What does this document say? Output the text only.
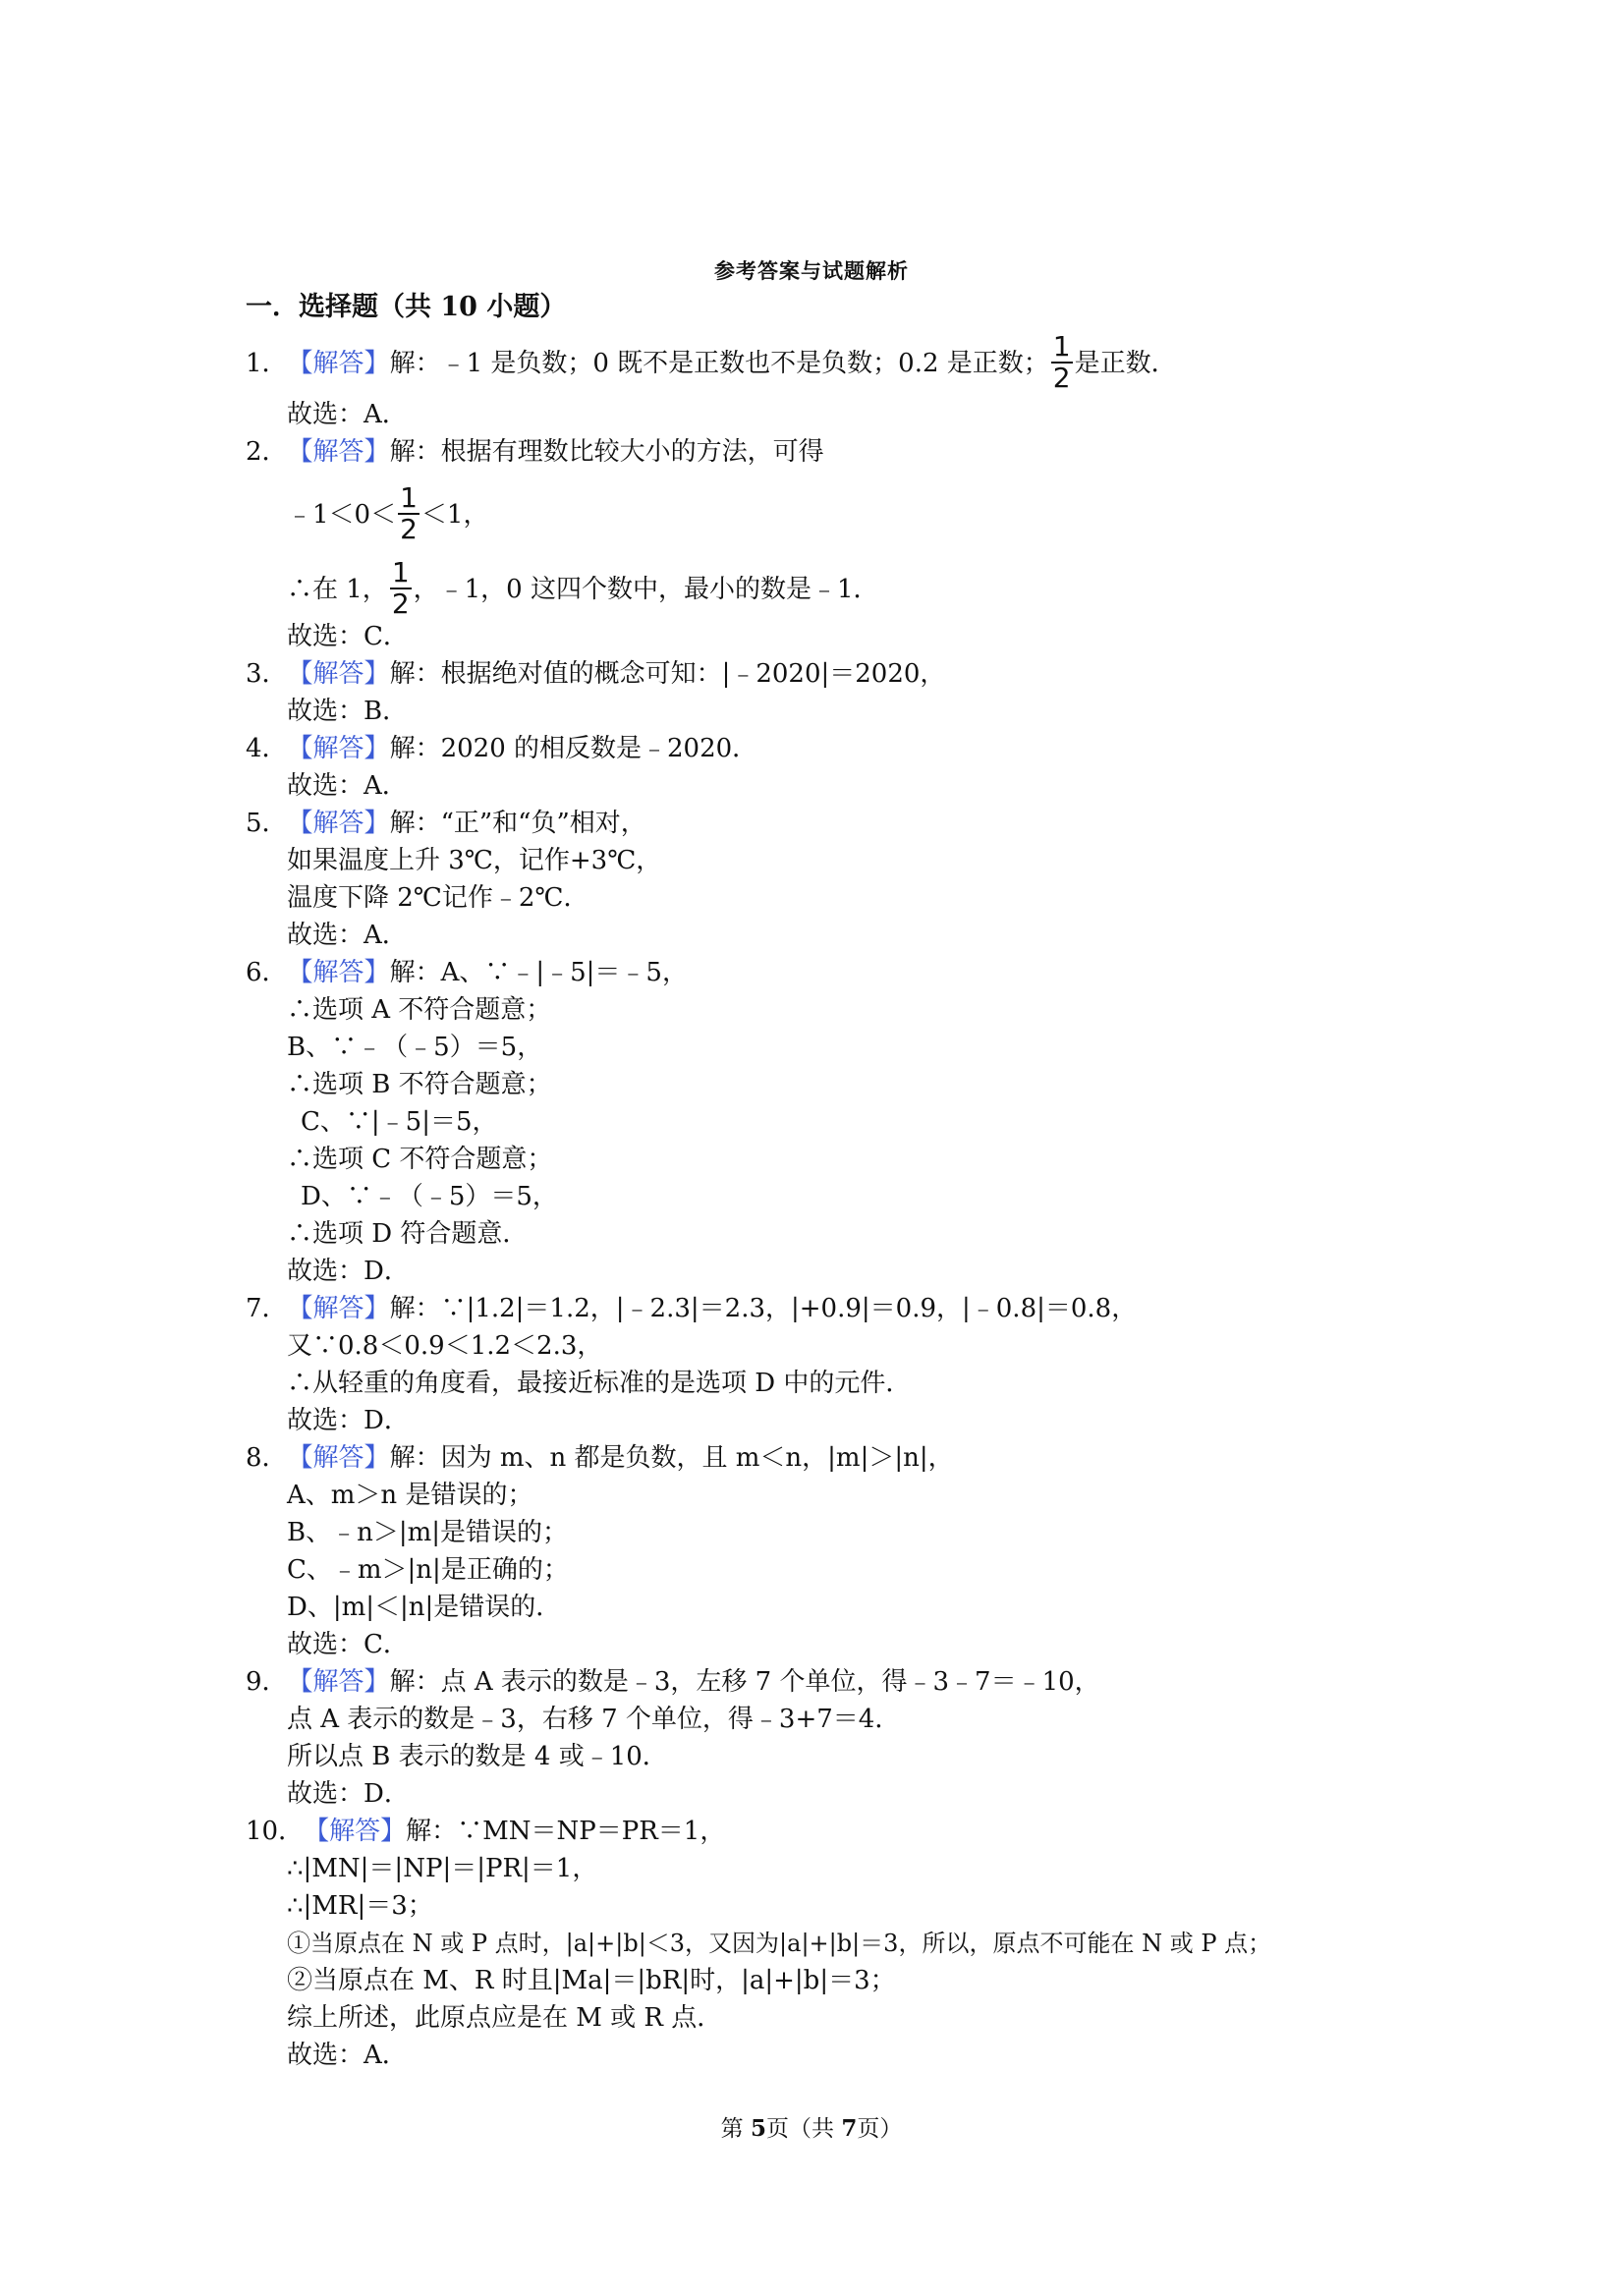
参考答案与试题解析
一．选择题（共 10 小题）
1．【解答】解：﹣1 是负数；0 既不是正数也不是负数；0.2 是正数； $\frac{1}{2}$ 是正数．
故选：A．
2．【解答】解：根据有理数比较大小的方法，可得
﹣1＜0＜ $\frac{1}{2} <1$，
∴在 1， $\frac{1}{2}$ ，﹣1，0 这四个数中，最小的数是﹣1．
故选：C．
3．【解答】解：根据绝对值的概念可知：|﹣2020|＝2020，
故选：B．
4．【解答】解：2020 的相反数是﹣2020．
故选：A．
5．【解答】解：“正”和“负”相对，
如果温度上升 3℃，记作+3℃，
温度下降 2℃记作﹣2℃．
故选：A．
6．【解答】解：A、∵﹣|﹣5|＝﹣5，
∴选项 A 不符合题意；
B、∵﹣（﹣5）＝5，
∴选项 B 不符合题意；
C、∵|﹣5|＝5，
∴选项 C 不符合题意；
D、∵﹣（﹣5）＝5，
∴选项 D 符合题意．
故选：D．
7．【解答】解：∵|1.2|＝1.2，|﹣2.3|＝2.3，|+0.9|＝0.9，|﹣0.8|＝0.8，
又∵0.8＜0.9＜1.2＜2.3，
∴从轻重的角度看，最接近标准的是选项 D 中的元件．
故选：D．
8．【解答】解：因为 m、n 都是负数，且 m＜n，|m|＞|n|，
A、m＞n 是错误的；
B、﹣n＞|m|是错误的；
C、﹣m＞|n|是正确的；
D、|m|＜|n|是错误的．
故选：C．
9．【解答】解：点 A 表示的数是﹣3，左移 7 个单位，得﹣3﹣7＝﹣10，
点 A 表示的数是﹣3，右移 7 个单位，得﹣3+7＝4．
所以点 B 表示的数是 4 或﹣10．
故选：D．
10．【解答】解：∵MN＝NP＝PR＝1，
∴|MN|＝|NP|＝|PR|＝1，
∴|MR|＝3；
①当原点在 N 或 P 点时，|a|+|b|＜3，又因为|a|+|b|＝3，所以，原点不可能在 N 或 P 点；
②当原点在 M、R 时且|Ma|＝|bR|时，|a|+|b|＝3；
综上所述，此原点应是在 M 或 R 点．
故选：A．
第 5页（共 7页）
